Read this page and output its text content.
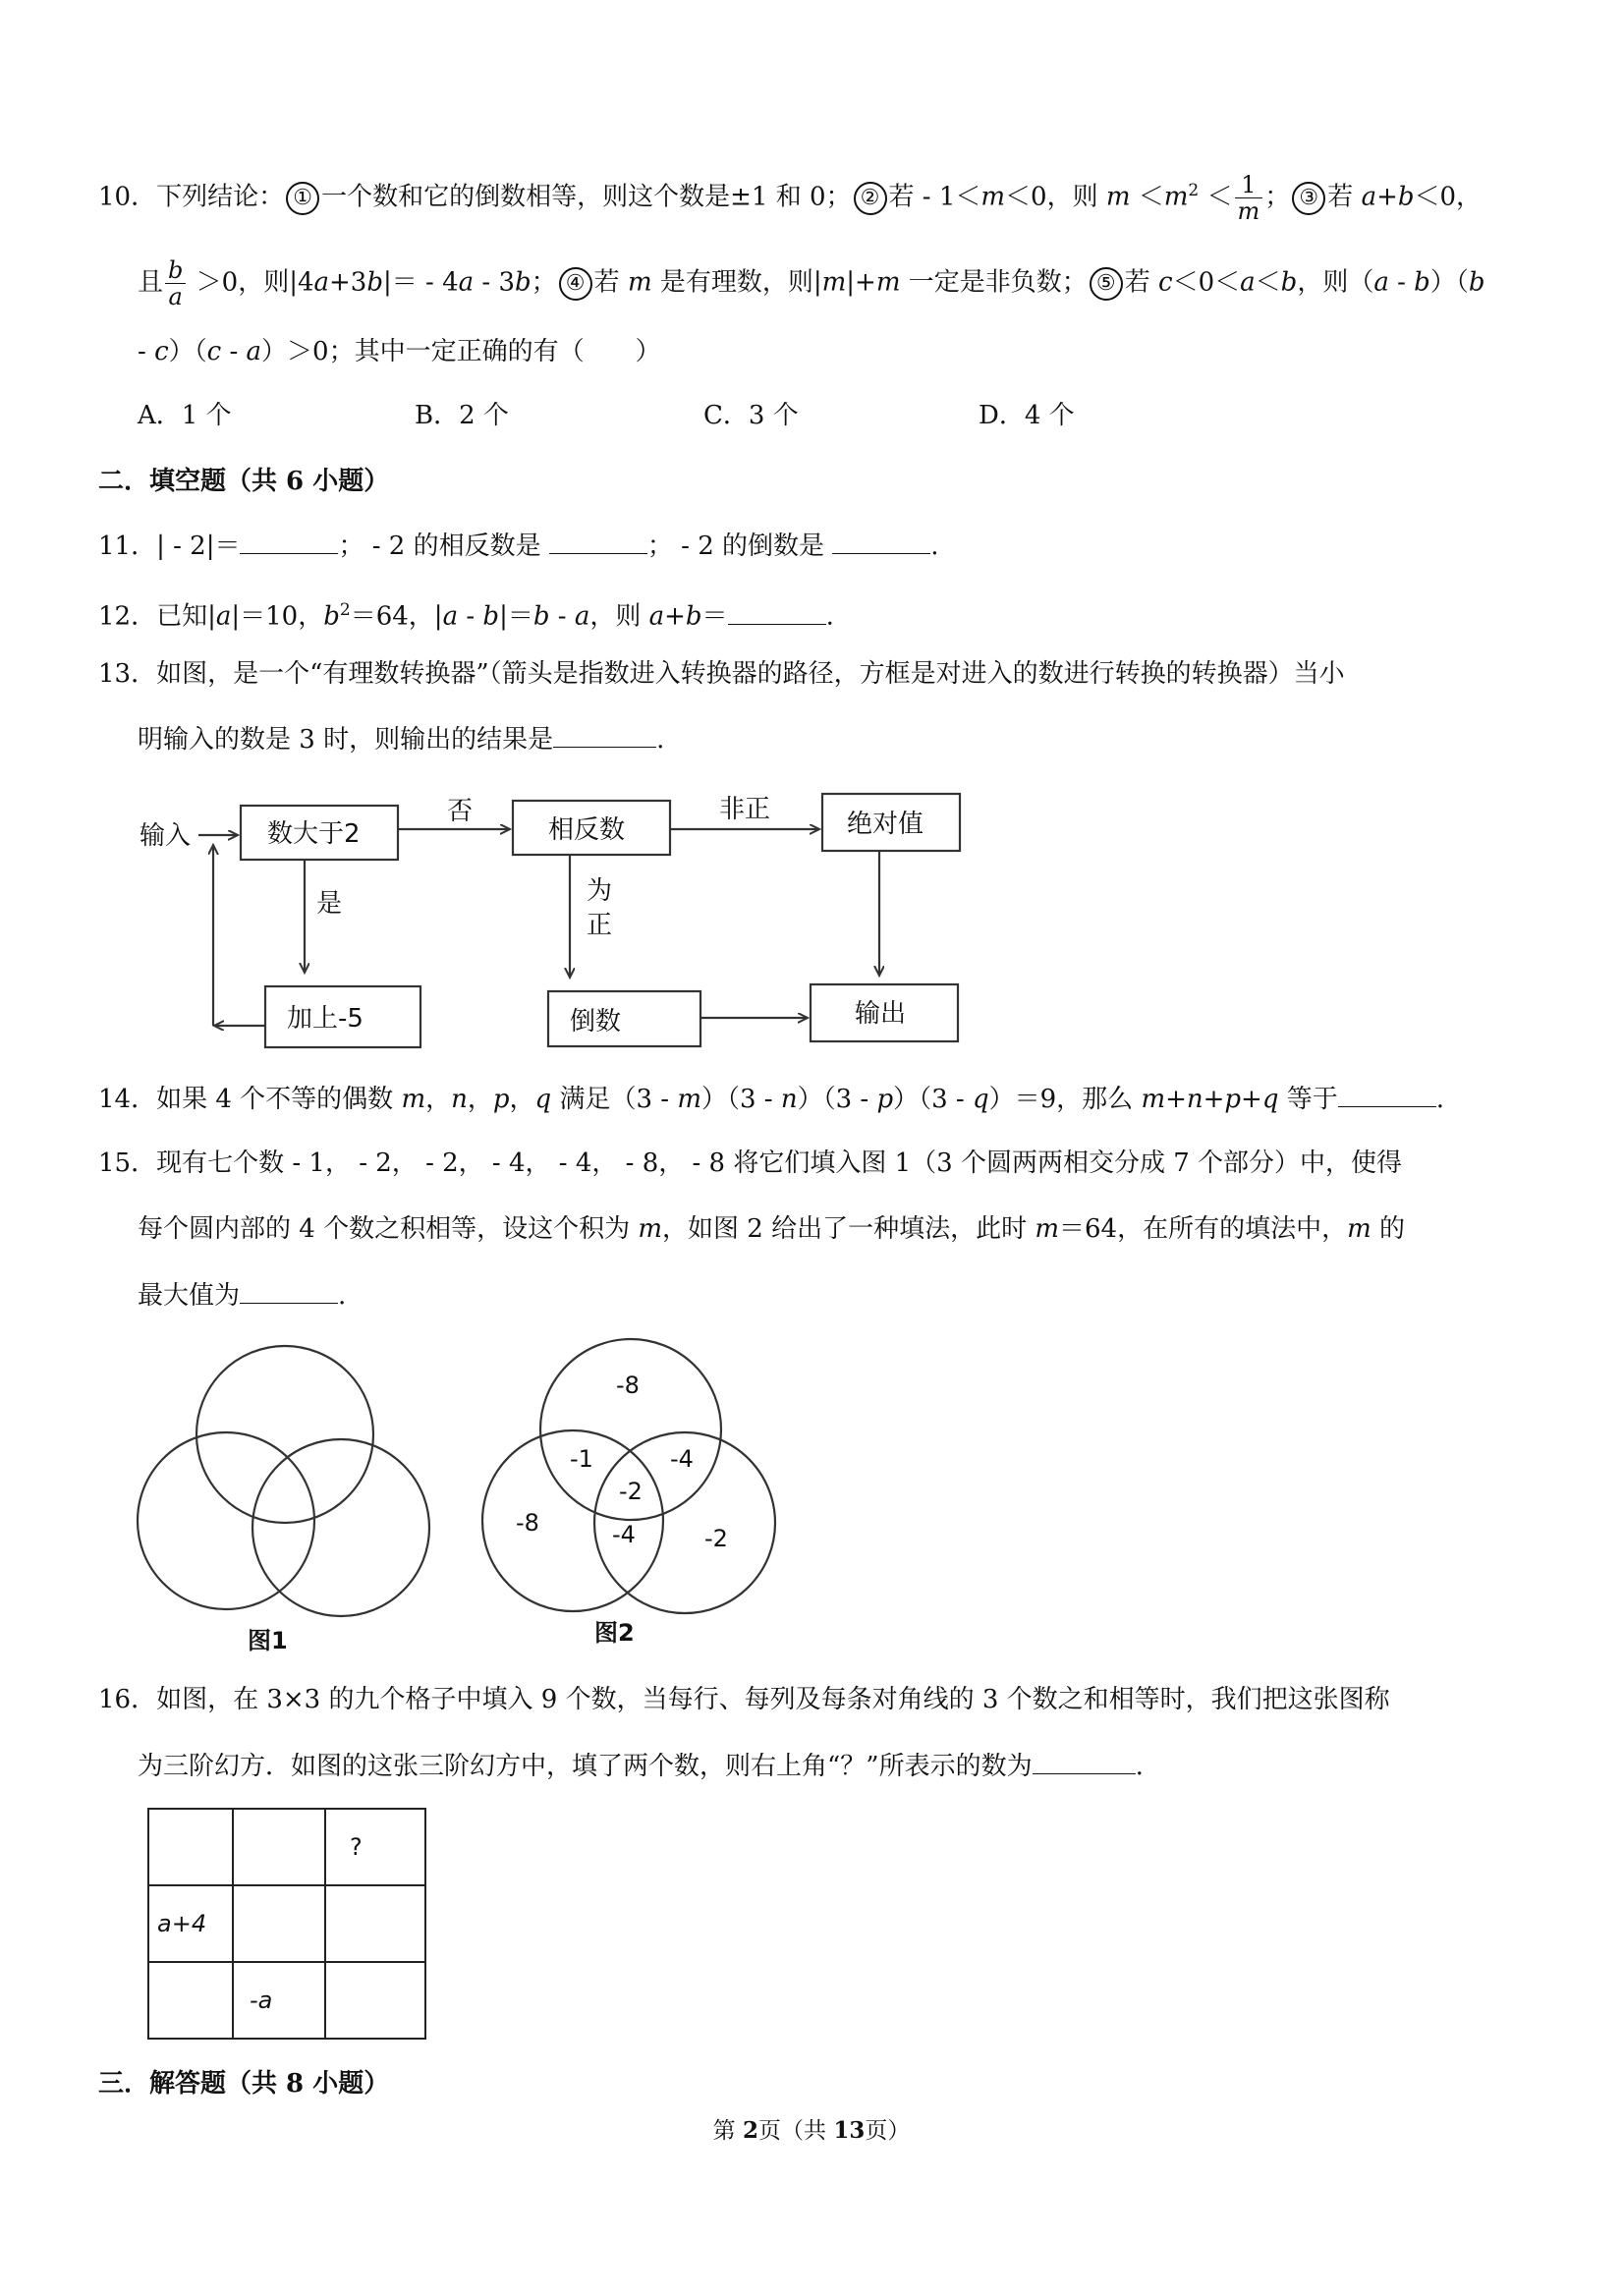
10．下列结论： ① 一个数和它的倒数相等，则这个数是±1 和 0； ② 若 - 1＜m＜0，则 $m <m^2 < \frac{1}{m}$ ； ③ 若 a+b＜0，
且 $\frac{b}{a} >0$，则|4a+3b|＝ - 4a - 3b； ④ 若 m 是有理数，则|m|+m 一定是非负数； ⑤ 若 c＜0＜a＜b，则（a - b）（b
- c）（c - a）＞0；其中一定正确的有（　　）
A．1 个	B．2 个	C．3 个	D．4 个
二．填空题（共 6 小题）
11．| - 2|＝	； - 2 的相反数是	； - 2 的倒数是	.
12．已知|a|＝10，$b^2=64$，|a - b|＝b - a，则 a+b＝	.
13．如图，是一个“有理数转换器”（箭头是指数进入转换器的路径，方框是对进入的数进行转换的转换器）当小
明输入的数是 3 时，则输出的结果是	.
输入	数大于2
否
相反数
非正	绝对值
是	为
正
加上-5	倒数	输出
14．如果 4 个不等的偶数 m，n，p，q 满足（3 - m）（3 - n）（3 - p）（3 - q）＝9，那么 m+n+p+q 等于	.
15．现有七个数 - 1， - 2， - 2， - 4， - 4， - 8， - 8 将它们填入图 1（3 个圆两两相交分成 7 个部分）中，使得
每个圆内部的 4 个数之积相等，设这个积为 m，如图 2 给出了一种填法，此时 m＝64，在所有的填法中，m 的
最大值为	.
图1	图2
-8
-1	-4
-2
-8	-4	-2
16．如图，在 3×3 的九个格子中填入 9 个数，当每行、每列及每条对角线的 3 个数之和相等时，我们把这张图称
为三阶幻方．如图的这张三阶幻方中，填了两个数，则右上角“？”所表示的数为	.
		?
a+4		
	-a	
三．解答题（共 8 小题）
第 2页（共 13页）
